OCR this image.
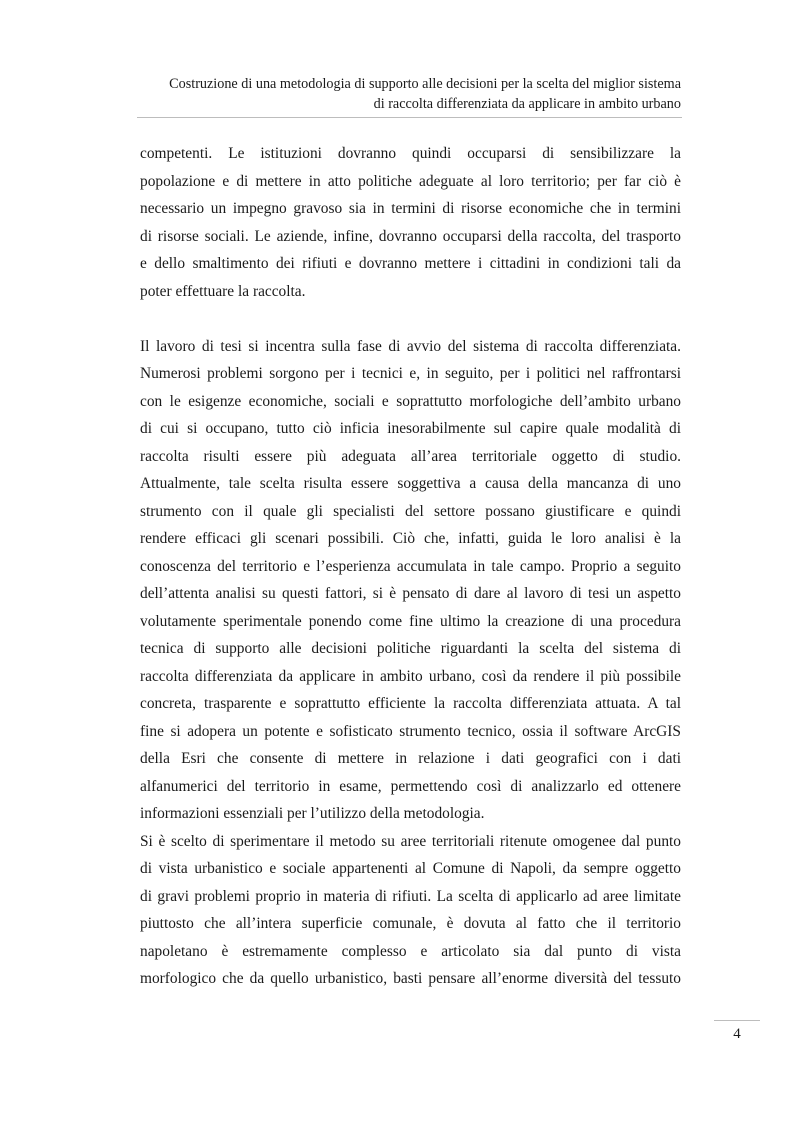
Costruzione di una metodologia di supporto alle decisioni per la scelta del miglior sistema
di raccolta differenziata da applicare in ambito urbano
competenti. Le istituzioni dovranno quindi occuparsi di sensibilizzare la
popolazione e di mettere in atto politiche adeguate al loro territorio; per far ciò è
necessario un impegno gravoso sia in termini di risorse economiche che in termini
di risorse sociali. Le aziende, infine, dovranno occuparsi della raccolta, del trasporto
e dello smaltimento dei rifiuti e dovranno mettere i cittadini in condizioni tali da
poter effettuare la raccolta.
Il lavoro di tesi si incentra sulla fase di avvio del sistema di raccolta differenziata.
Numerosi problemi sorgono per i tecnici e, in seguito, per i politici nel raffrontarsi
con le esigenze economiche, sociali e soprattutto morfologiche dell’ambito urbano
di cui si occupano, tutto ciò inficia inesorabilmente sul capire quale modalità di
raccolta risulti essere più adeguata all’area territoriale oggetto di studio.
Attualmente, tale scelta risulta essere soggettiva a causa della mancanza di uno
strumento con il quale gli specialisti del settore possano giustificare e quindi
rendere efficaci gli scenari possibili. Ciò che, infatti, guida le loro analisi è la
conoscenza del territorio e l’esperienza accumulata in tale campo. Proprio a seguito
dell’attenta analisi su questi fattori, si è pensato di dare al lavoro di tesi un aspetto
volutamente sperimentale ponendo come fine ultimo la creazione di una procedura
tecnica di supporto alle decisioni politiche riguardanti la scelta del sistema di
raccolta differenziata da applicare in ambito urbano, così da rendere il più possibile
concreta, trasparente e soprattutto efficiente la raccolta differenziata attuata. A tal
fine si adopera un potente e sofisticato strumento tecnico, ossia il software ArcGIS
della Esri che consente di mettere in relazione i dati geografici con i dati
alfanumerici del territorio in esame, permettendo così di analizzarlo ed ottenere
informazioni essenziali per l’utilizzo della metodologia.
Si è scelto di sperimentare il metodo su aree territoriali ritenute omogenee dal punto
di vista urbanistico e sociale appartenenti al Comune di Napoli, da sempre oggetto
di gravi problemi proprio in materia di rifiuti. La scelta di applicarlo ad aree limitate
piuttosto che all’intera superficie comunale, è dovuta al fatto che il territorio
napoletano è estremamente complesso e articolato sia dal punto di vista
morfologico che da quello urbanistico, basti pensare all’enorme diversità del tessuto
4
